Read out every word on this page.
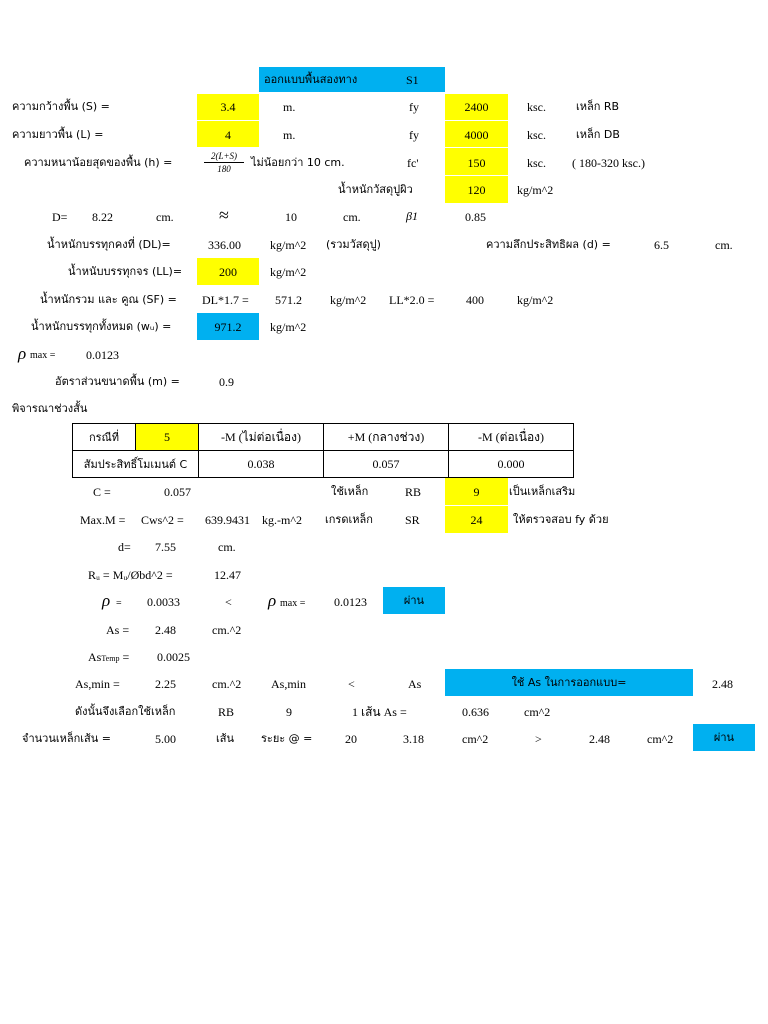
ออกแบบพื้นสองทาง	S1
ความกว้างพื้น (S) =	3.4	m.	fy	2400	ksc.	เหล็ก RB
ความยาวพื้น (L) =	4	m.	fy	4000	ksc.	เหล็ก DB
ความหนาน้อยสุดของพื้น (h) =	2(L+S)
180 ไม่น้อยกว่า 10 cm.	fc'	150	ksc. ( 180-320 ksc.)
น้ำหนักวัสดุปูผิว	120	kg/m^2
D= 8.22	cm.	≈	10	cm.	β1	0.85
น้ำหนักบรรทุกคงที่ (DL)=	336.00 kg/m^2 (รวมวัสดุปู)	ความลึกประสิทธิผล (d) =	6.5	cm.
น้ำหนับบรรทุกจร (LL)=	200	kg/m^2
น้ำหนักรวม และ คูณ (SF) = DL*1.7 = 571.2 kg/m^2 LL*2.0 =	400	kg/m^2
น้ำหนักบรรทุกทั้งหมด (wᵤ) =	971.2	kg/m^2
ρ max =	0.0123
อัตราส่วนขนาดพื้น (m) =	0.9
พิจารณาช่วงสั้น
กรณีที่	5	-M (ไม่ต่อเนื่อง)	+M (กลางช่วง)	-M (ต่อเนื่อง)
สัมประสิทธิ์โมเมนต์ C		0.038	0.057	0.000
C =	0.057	ใช้เหล็ก	RB	9	เป็นเหล็กเสริม
Max.M = Cws^2 = 639.9431 kg.-m^2 เกรดเหล็ก	SR	24	ให้ตรวจสอบ fy ด้วย
d= 7.55	cm.
Rᵤ = Mᵤ/Øbd^2 =	12.47
ρ = 0.0033	< ρ max = 0.0123	ผ่าน
As = 2.48	cm.^2
AsTemp = 0.0025
As,min =	2.25	cm.^2 As,min	<	As	ใช้ As ในการออกแบบ=	2.48
ดังนั้นจึงเลือกใช้เหล็ก	RB	9	1 เส้น As =	0.636	cm^2
จำนวนเหล็กเส้น =	5.00	เส้น ระยะ @ =	20	3.18	cm^2	>	2.48	cm^2	ผ่าน
